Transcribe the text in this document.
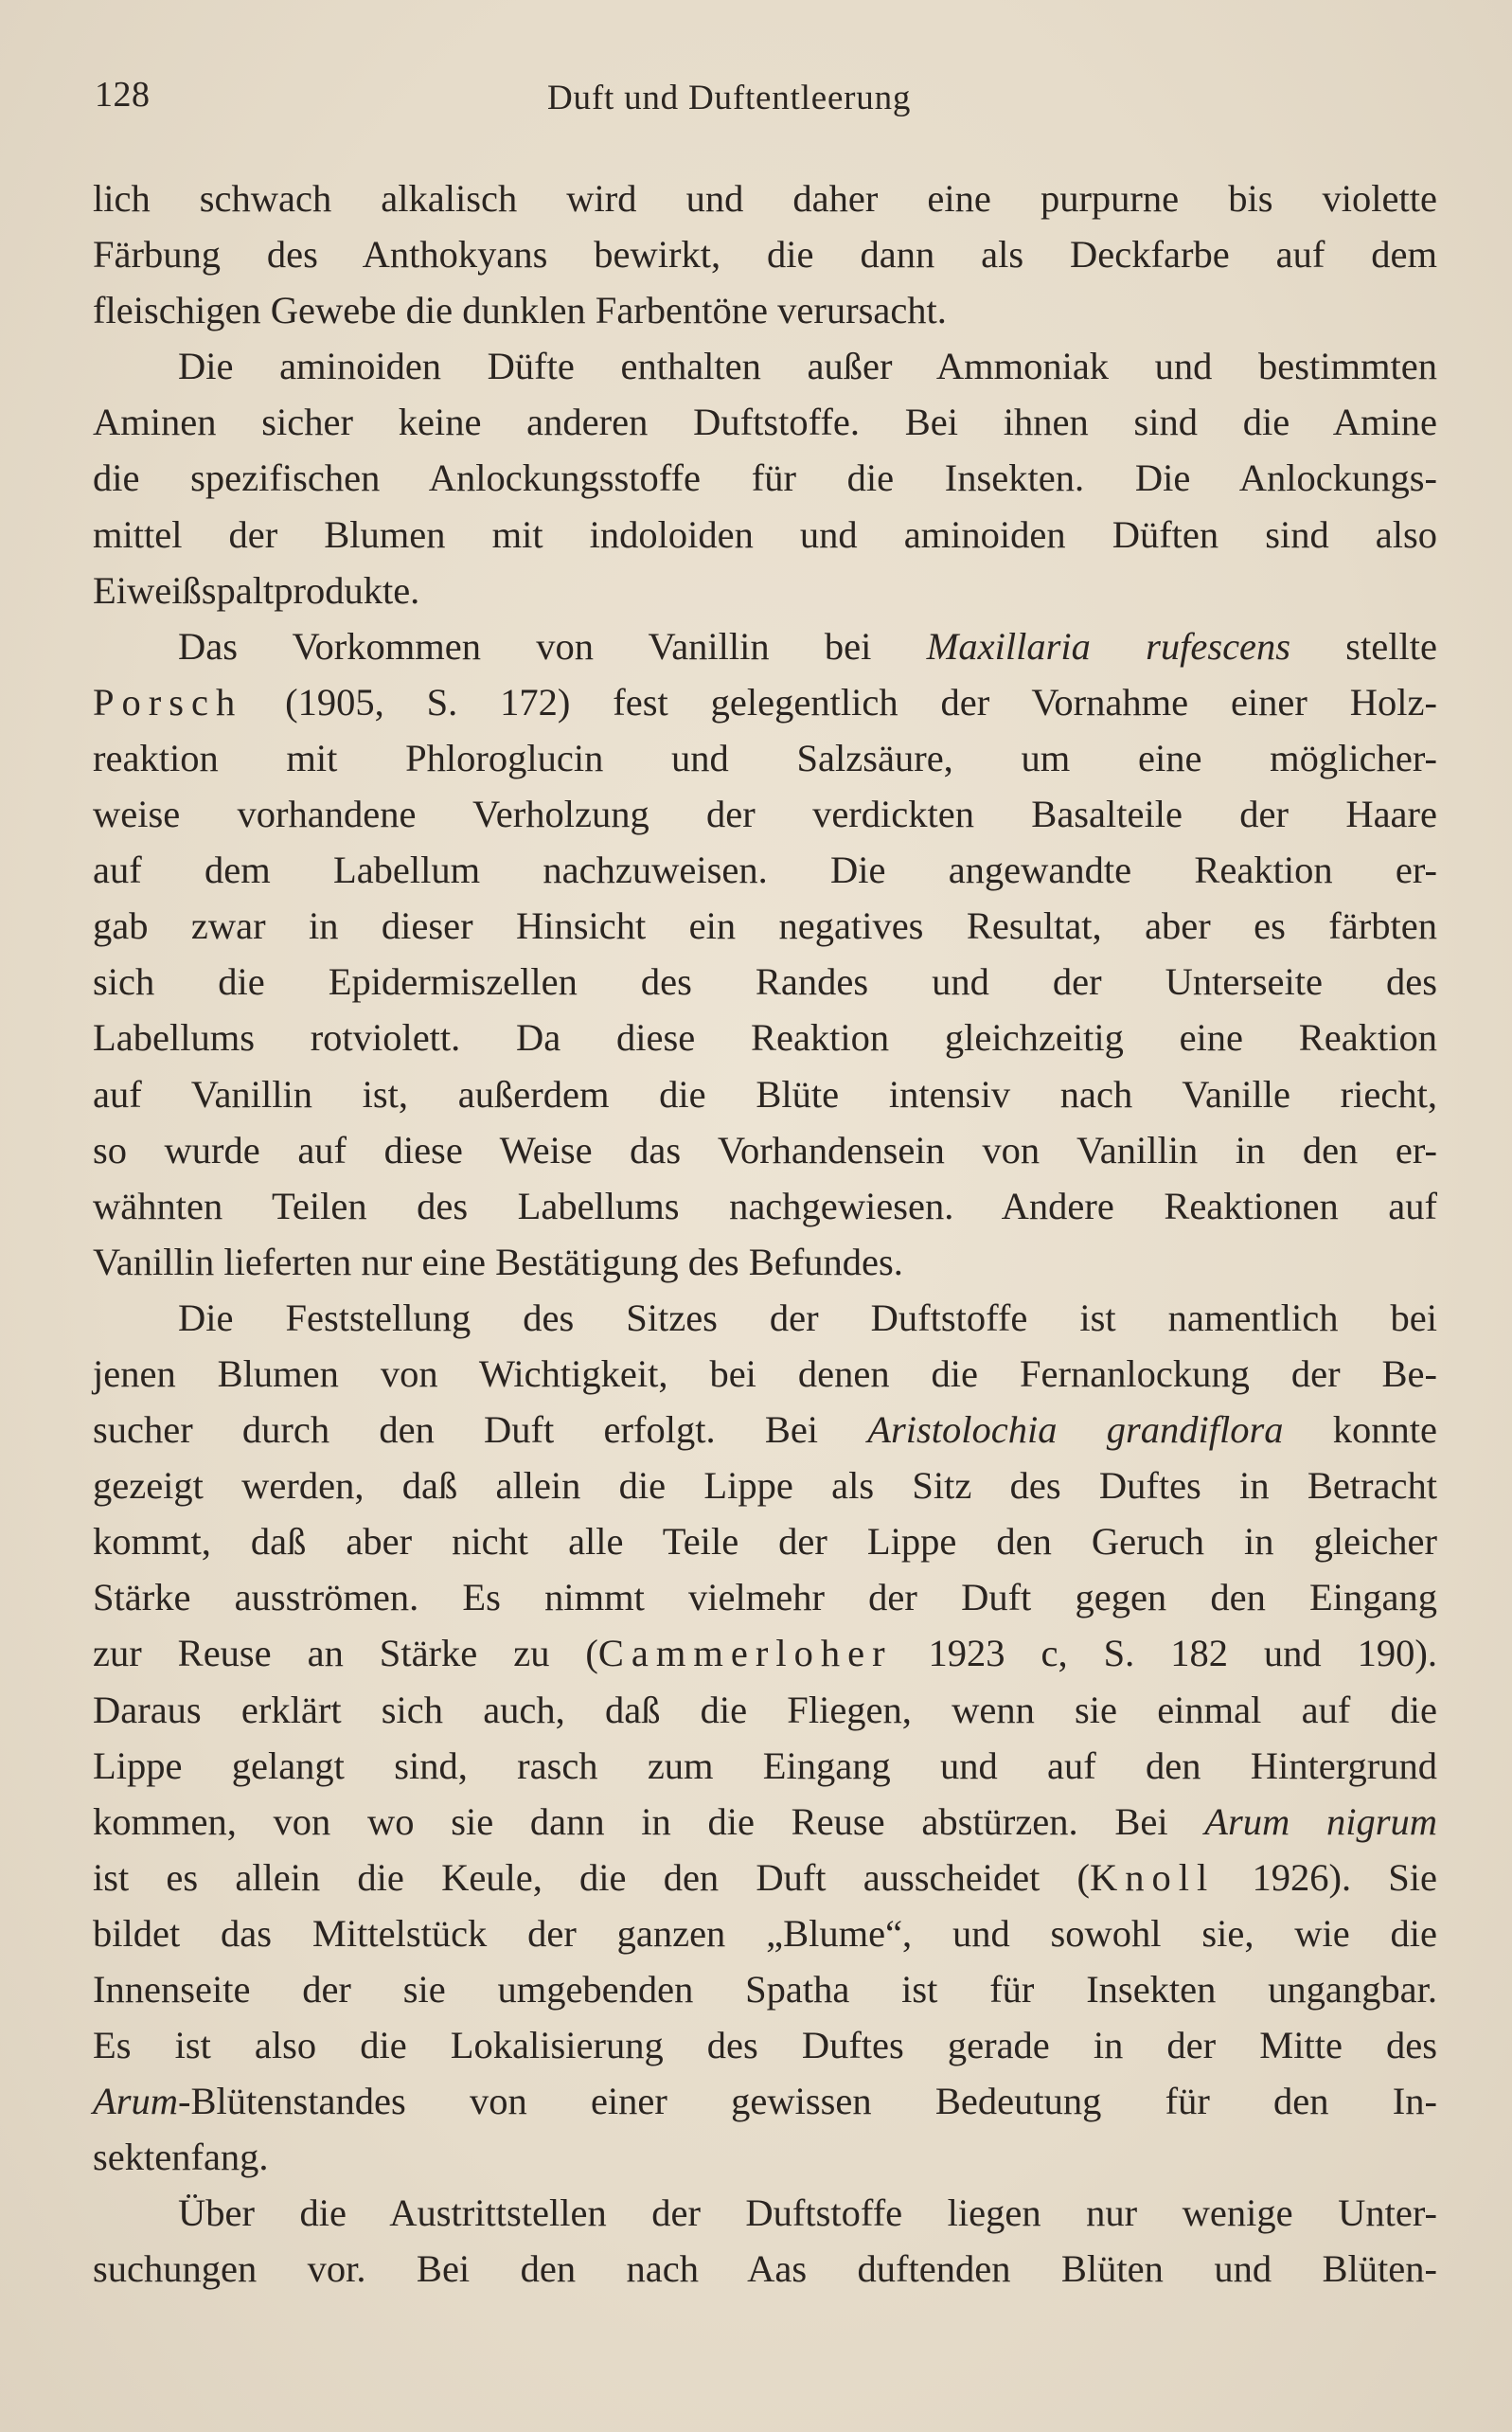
128	Duft und Duftentleerung
lich schwach alkalisch wird und daher eine purpurne bis violette
Färbung des Anthokyans bewirkt, die dann als Deckfarbe auf dem
fleischigen Gewebe die dunklen Farbentöne verursacht.
Die aminoiden Düfte enthalten außer Ammoniak und bestimmten
Aminen sicher keine anderen Duftstoffe. Bei ihnen sind die Amine
die spezifischen Anlockungsstoffe für die Insekten. Die Anlockungs-
mittel der Blumen mit indoloiden und aminoiden Düften sind also
Eiweißspaltprodukte.
Das Vorkommen von Vanillin bei Maxillaria rufescens stellte
Porsch (1905, S. 172) fest gelegentlich der Vornahme einer Holz-
reaktion mit Phloroglucin und Salzsäure, um eine möglicher-
weise vorhandene Verholzung der verdickten Basalteile der Haare
auf dem Labellum nachzuweisen. Die angewandte Reaktion er-
gab zwar in dieser Hinsicht ein negatives Resultat, aber es färbten
sich die Epidermiszellen des Randes und der Unterseite des
Labellums rotviolett. Da diese Reaktion gleichzeitig eine Reaktion
auf Vanillin ist, außerdem die Blüte intensiv nach Vanille riecht,
so wurde auf diese Weise das Vorhandensein von Vanillin in den er-
wähnten Teilen des Labellums nachgewiesen. Andere Reaktionen auf
Vanillin lieferten nur eine Bestätigung des Befundes.
Die Feststellung des Sitzes der Duftstoffe ist namentlich bei
jenen Blumen von Wichtigkeit, bei denen die Fernanlockung der Be-
sucher durch den Duft erfolgt. Bei Aristolochia grandiflora konnte
gezeigt werden, daß allein die Lippe als Sitz des Duftes in Betracht
kommt, daß aber nicht alle Teile der Lippe den Geruch in gleicher
Stärke ausströmen. Es nimmt vielmehr der Duft gegen den Eingang
zur Reuse an Stärke zu (Cammerloher 1923 c, S. 182 und 190).
Daraus erklärt sich auch, daß die Fliegen, wenn sie einmal auf die
Lippe gelangt sind, rasch zum Eingang und auf den Hintergrund
kommen, von wo sie dann in die Reuse abstürzen. Bei Arum nigrum
ist es allein die Keule, die den Duft ausscheidet (Knoll 1926). Sie
bildet das Mittelstück der ganzen „Blume“, und sowohl sie, wie die
Innenseite der sie umgebenden Spatha ist für Insekten ungangbar.
Es ist also die Lokalisierung des Duftes gerade in der Mitte des
Arum-Blütenstandes von einer gewissen Bedeutung für den In-
sektenfang.
Über die Austrittstellen der Duftstoffe liegen nur wenige Unter-
suchungen vor. Bei den nach Aas duftenden Blüten und Blüten-
